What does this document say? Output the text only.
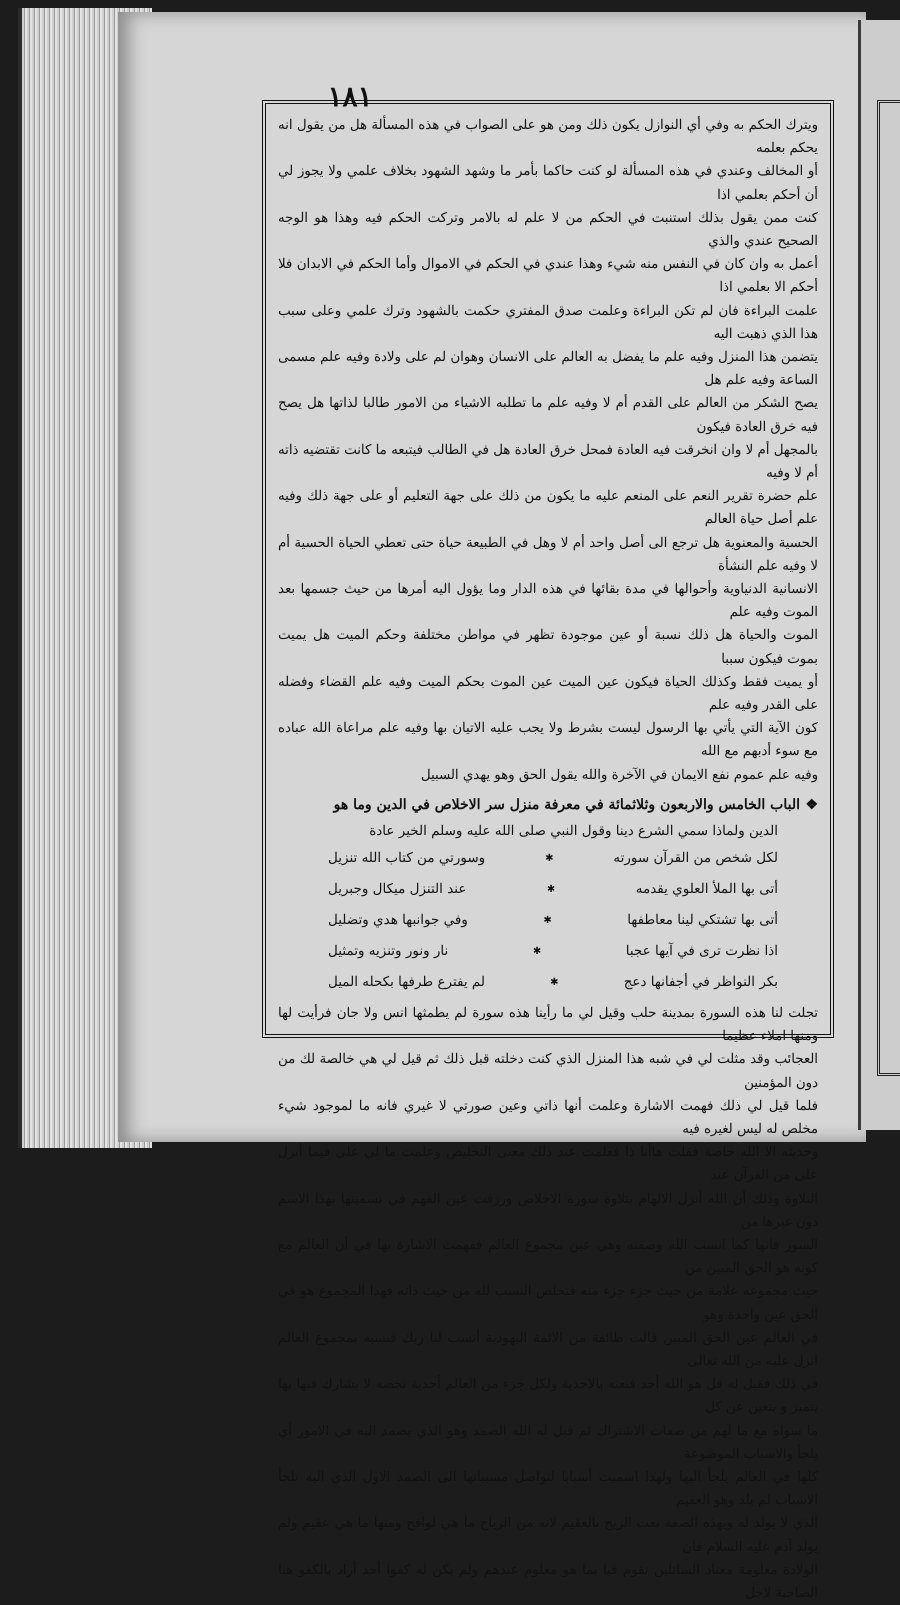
١٨١

ويترك الحكم به وفي أي النوازل يكون ذلك ومن هو على الصواب في هذه المسألة هل من يقول انه يحكم بعلمه

أو المخالف وعندي في هذه المسألة لو كنت حاكما بأمر ما وشهد الشهود بخلاف علمي ولا يجوز لي أن أحكم بعلمي اذا

كنت ممن يقول بذلك استنبت في الحكم من لا علم له بالامر وتركت الحكم فيه وهذا هو الوجه الصحيح عندي والذي

أعمل به وان كان في النفس منه شيء وهذا عندي في الحكم في الاموال وأما الحكم في الابدان فلا أحكم الا بعلمي اذا

علمت البراءة فان لم تكن البراءة وعلمت صدق المفتري حكمت بالشهود وترك علمي وعلى سبب هذا الذي ذهبت اليه

يتضمن هذا المنزل وفيه علم ما يفضل به العالم على الانسان وهوان لم على ولادة وفيه علم مسمى الساعة وفيه علم هل

يصح الشكر من العالم على القدم أم لا وفيه علم ما تطلبه الاشياء من الامور طالبا لذاتها هل يصح فيه خرق العادة فيكون

بالمجهل أم لا وان انخرقت فيه العادة فمحل خرق العادة هل في الطالب فيتبعه ما كانت تقتضيه ذاته أم لا وفيه

علم حضرة تقرير النعم على المنعم عليه ما يكون من ذلك على جهة التعليم أو على جهة ذلك وفيه علم أصل حياة العالم

الحسية والمعنوية هل ترجع الى أصل واحد أم لا وهل في الطبيعة حياة حتى تعطي الحياة الحسية أم لا وفيه علم النشأة

الانسانية الدنياوية وأحوالها في مدة بقائها في هذه الدار وما يؤول اليه أمرها من حيث جسمها بعد الموت وفيه علم

الموت والحياة هل ذلك نسبة أو عين موجودة تظهر في مواطن مختلفة وحكم الميت هل يميت بموت فيكون سببا

أو يميت فقط وكذلك الحياة فيكون عين الميت عين الموت بحكم الميت وفيه علم القضاء وفضله على القدر وفيه علم

كون الآية التي يأتي بها الرسول ليست بشرط ولا يجب عليه الاتيان بها وفيه علم مراعاة الله عباده مع سوء أدبهم مع الله

وفيه علم عموم نفع الايمان في الآخرة والله يقول الحق وهو يهدي السبيل

❖
الباب الخامس والاربعون وثلاثمائة في معرفة منزل سر الاخلاص في الدين وما هو
الدين ولماذا سمي الشرع دينا وقول النبي صلى الله عليه وسلم الخير عادة
لكل شخص من القرآن سورته
✱
وسورتي من كتاب الله تنزيل
أتى بها الملأ العلوي يقدمه
✱
عند التنزل ميكال وجبريل
أتى بها تشتكي لينا معاطفها
✱
وفي جوانبها هدي وتضليل
اذا نظرت ترى في آيها عجبا
✱
نار ونور وتنزيه وتمثيل
بكر النواظر في أجفانها دعج
✱
لم يفترع طرفها بكحله الميل

تجلت لنا هذه السورة بمدينة حلب وقيل لي ما رأينا هذه سورة لم يطمثها انس ولا جان فرأيت لها ومنها املاء عظيما

العجائب وقد مثلت لي في شبه هذا المنزل الذي كنت دخلته قبل ذلك ثم قيل لي هي خالصة لك من دون المؤمنين

فلما قيل لي ذلك فهمت الاشارة وعلمت أنها ذاتي وعين صورتي لا غيري فانه ما لموجود شيء مخلص له ليس لغيره فيه

وحديثه الا الله خاصة فقلت هاأنا ذا فعلمت عند ذلك معنى التخليص وعلمت ما لي على فيما أنزل على من القرآن عند

التلاوة وذلك أن الله أنزل الالهام بتلاوة سورة الاخلاص ورزقت عين الفهم في تسميتها بهذا الاسم دون غيرها من

السور فانها كما انسب الله وصفته وهي عين مجموع العالم ففهمت الاشارة بها في أن العالم مع كونه هو الحق المبين من

حيث مجموعه علامة من حيث جزء جزء منه فتخلص النسب لله من حيث ذاته فهذا المجموع هو في الحق عين واحدة وهو

في العالم عين الحق المبين قالت طائفة من الائمة اليهودية أنسب لنا ربك فنسبه بمجموع العالم انزل عليه من الله تعالى

في ذلك فقيل له قل هو الله أحد فنعته بالاحدية ولكل جزء من العالم أحدية تخصه لا يشارك فيها بها يتميز و يتعين عن كل

ما سواه مع ما لهم من صفات الاشتراك ثم قيل له الله الصمد وهو الذي يصمد اليه في الامور أي يلجأ والاسباب الموضوعة

كلها في العالم يلجأ اليها ولهذا اسميت أسبابا لتواصل مسبباتها الى الصمد الاول الذي اليه تلجأ الاسباب لم يلد وهو العقيم

الذي لا يولد له ويهذه الصفة نعت الريح بالعقيم لانه من الرياح ما هي لواقح ومنها ما هي عقيم ولم يولد آدم عليه السلام فان

الولادة معلومة معتاد السائلين تقوم فيا بما هو معلوم عندهم ولم يكن له كفوا أحد أراد بالكفو هنا الصاحبة لاجل
